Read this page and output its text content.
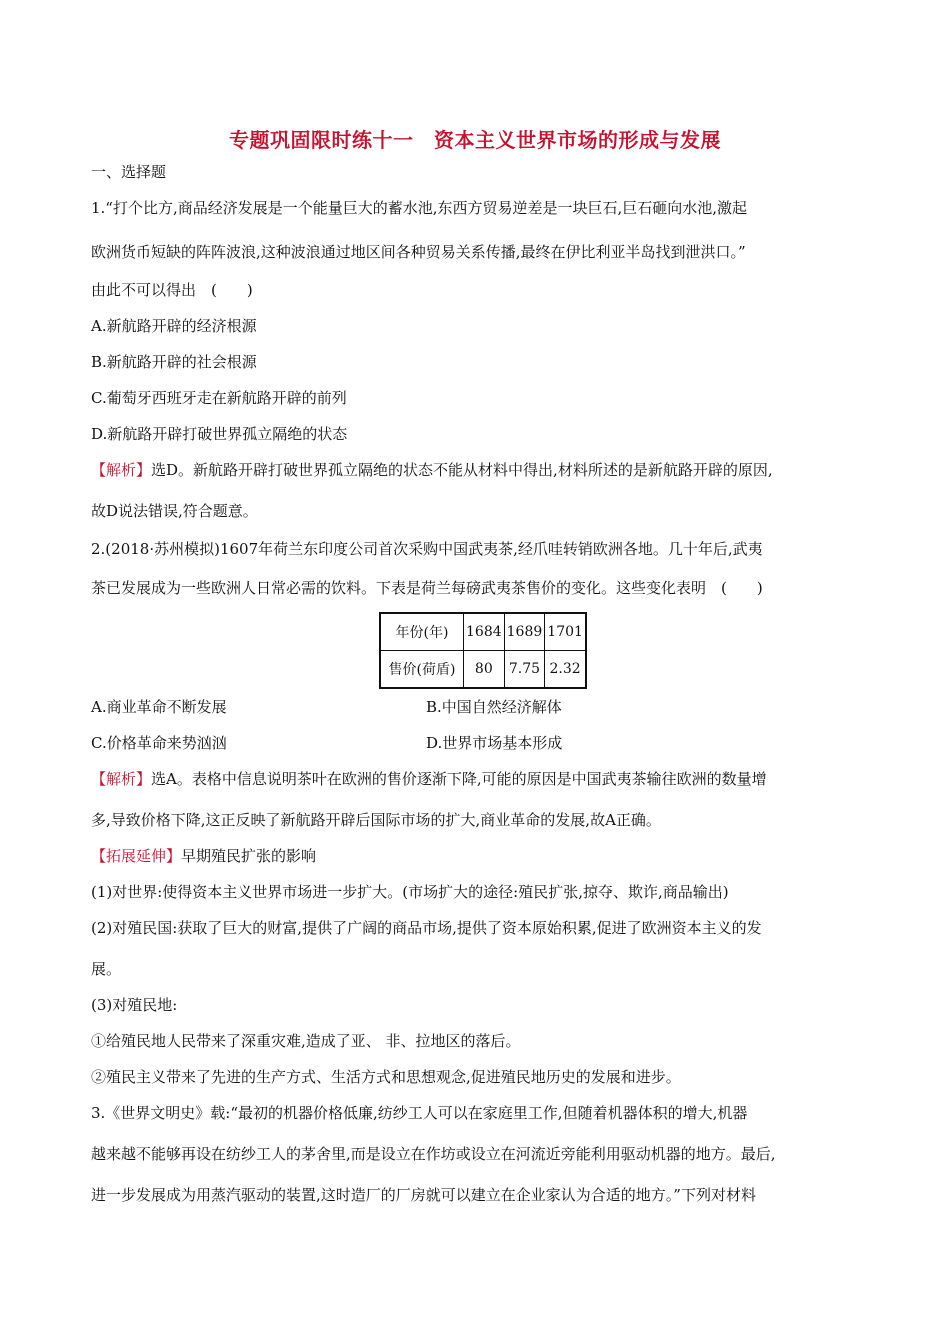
专题巩固限时练十一　资本主义世界市场的形成与发展
一、选择题
1.“打个比方,商品经济发展是一个能量巨大的蓄水池,东西方贸易逆差是一块巨石,巨石砸向水池,激起
欧洲货币短缺的阵阵波浪,这种波浪通过地区间各种贸易关系传播,最终在伊比利亚半岛找到泄洪口。”
由此不可以得出　(　　)
A.新航路开辟的经济根源
B.新航路开辟的社会根源
C.葡萄牙西班牙走在新航路开辟的前列
D.新航路开辟打破世界孤立隔绝的状态
【解析】选D。新航路开辟打破世界孤立隔绝的状态不能从材料中得出,材料所述的是新航路开辟的原因,
故D说法错误,符合题意。
2.(2018·苏州模拟)1607年荷兰东印度公司首次采购中国武夷茶,经爪哇转销欧洲各地。几十年后,武夷
茶已发展成为一些欧洲人日常必需的饮料。下表是荷兰每磅武夷茶售价的变化。这些变化表明　(　　)
年份(年)	1684	1689	1701
售价(荷盾)	80	7.75	2.32
A.商业革命不断发展	B.中国自然经济解体
C.价格革命来势汹汹	D.世界市场基本形成
【解析】选A。表格中信息说明茶叶在欧洲的售价逐渐下降,可能的原因是中国武夷茶输往欧洲的数量增
多,导致价格下降,这正反映了新航路开辟后国际市场的扩大,商业革命的发展,故A正确。
【拓展延伸】早期殖民扩张的影响
(1)对世界:使得资本主义世界市场进一步扩大。(市场扩大的途径:殖民扩张,掠夺、欺诈,商品输出)
(2)对殖民国:获取了巨大的财富,提供了广阔的商品市场,提供了资本原始积累,促进了欧洲资本主义的发
展。
(3)对殖民地:
①给殖民地人民带来了深重灾难,造成了亚、 非、拉地区的落后。
②殖民主义带来了先进的生产方式、生活方式和思想观念,促进殖民地历史的发展和进步。
3.《世界文明史》载:“最初的机器价格低廉,纺纱工人可以在家庭里工作,但随着机器体积的增大,机器
越来越不能够再设在纺纱工人的茅舍里,而是设立在作坊或设立在河流近旁能利用驱动机器的地方。最后,
进一步发展成为用蒸汽驱动的装置,这时造厂的厂房就可以建立在企业家认为合适的地方。”下列对材料
